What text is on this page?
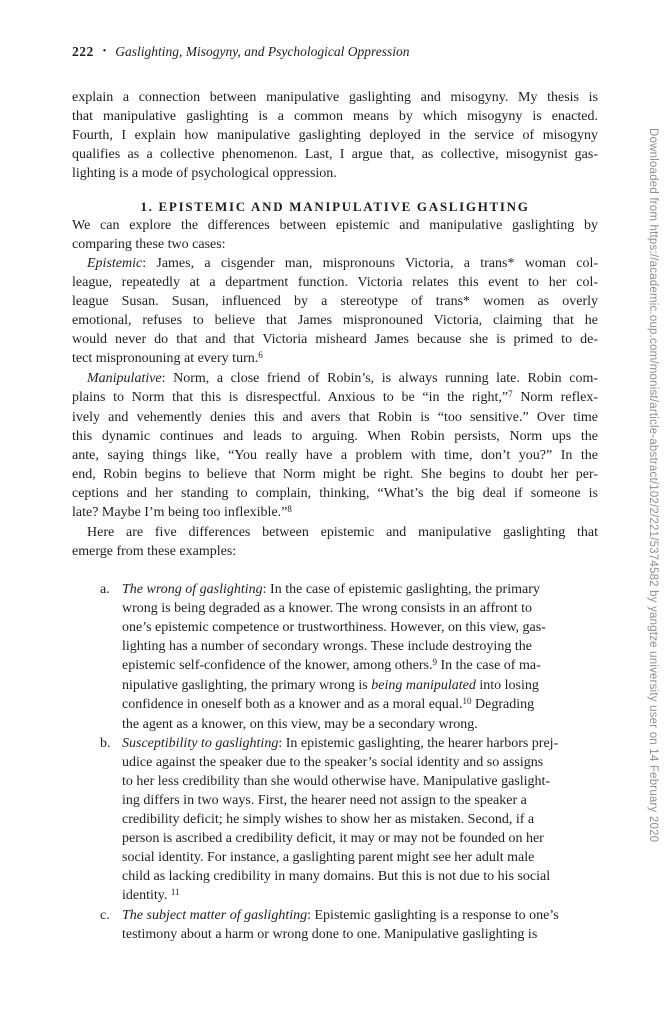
222 • Gaslighting, Misogyny, and Psychological Oppression
explain a connection between manipulative gaslighting and misogyny. My thesis is
that manipulative gaslighting is a common means by which misogyny is enacted.
Fourth, I explain how manipulative gaslighting deployed in the service of misogyny
qualifies as a collective phenomenon. Last, I argue that, as collective, misogynist gas-
lighting is a mode of psychological oppression.
1. EPISTEMIC AND MANIPULATIVE GASLIGHTING
We can explore the differences between epistemic and manipulative gaslighting by
comparing these two cases:
Epistemic: James, a cisgender man, mispronouns Victoria, a trans* woman col-
league, repeatedly at a department function. Victoria relates this event to her col-
league Susan. Susan, influenced by a stereotype of trans* women as overly
emotional, refuses to believe that James mispronouned Victoria, claiming that he
would never do that and that Victoria misheard James because she is primed to de-
tect mispronouning at every turn.$^6$
Manipulative: Norm, a close friend of Robin’s, is always running late. Robin com-
plains to Norm that this is disrespectful. Anxious to be “in the right,”$^7$ Norm reflex-
ively and vehemently denies this and avers that Robin is “too sensitive.” Over time
this dynamic continues and leads to arguing. When Robin persists, Norm ups the
ante, saying things like, “You really have a problem with time, don’t you?” In the
end, Robin begins to believe that Norm might be right. She begins to doubt her per-
ceptions and her standing to complain, thinking, “What’s the big deal if someone is
late? Maybe I’m being too inflexible.”$^8$
Here are five differences between epistemic and manipulative gaslighting that
emerge from these examples:
a. The wrong of gaslighting: In the case of epistemic gaslighting, the primary
wrong is being degraded as a knower. The wrong consists in an affront to
one’s epistemic competence or trustworthiness. However, on this view, gas-
lighting has a number of secondary wrongs. These include destroying the
epistemic self-confidence of the knower, among others.$^9$ In the case of ma-
nipulative gaslighting, the primary wrong is being manipulated into losing
confidence in oneself both as a knower and as a moral equal.$^{10}$ Degrading
the agent as a knower, on this view, may be a secondary wrong.
b. Susceptibility to gaslighting: In epistemic gaslighting, the hearer harbors prej-
udice against the speaker due to the speaker’s social identity and so assigns
to her less credibility than she would otherwise have. Manipulative gaslight-
ing differs in two ways. First, the hearer need not assign to the speaker a
credibility deficit; he simply wishes to show her as mistaken. Second, if a
person is ascribed a credibility deficit, it may or may not be founded on her
social identity. For instance, a gaslighting parent might see her adult male
child as lacking credibility in many domains. But this is not due to his social
identity. $^{11}$
c. The subject matter of gaslighting: Epistemic gaslighting is a response to one’s
testimony about a harm or wrong done to one. Manipulative gaslighting is
Downloaded from https://academic.oup.com/monist/article-abstract/102/2/221/5374582 by yangtze university user on 14 February 2020
